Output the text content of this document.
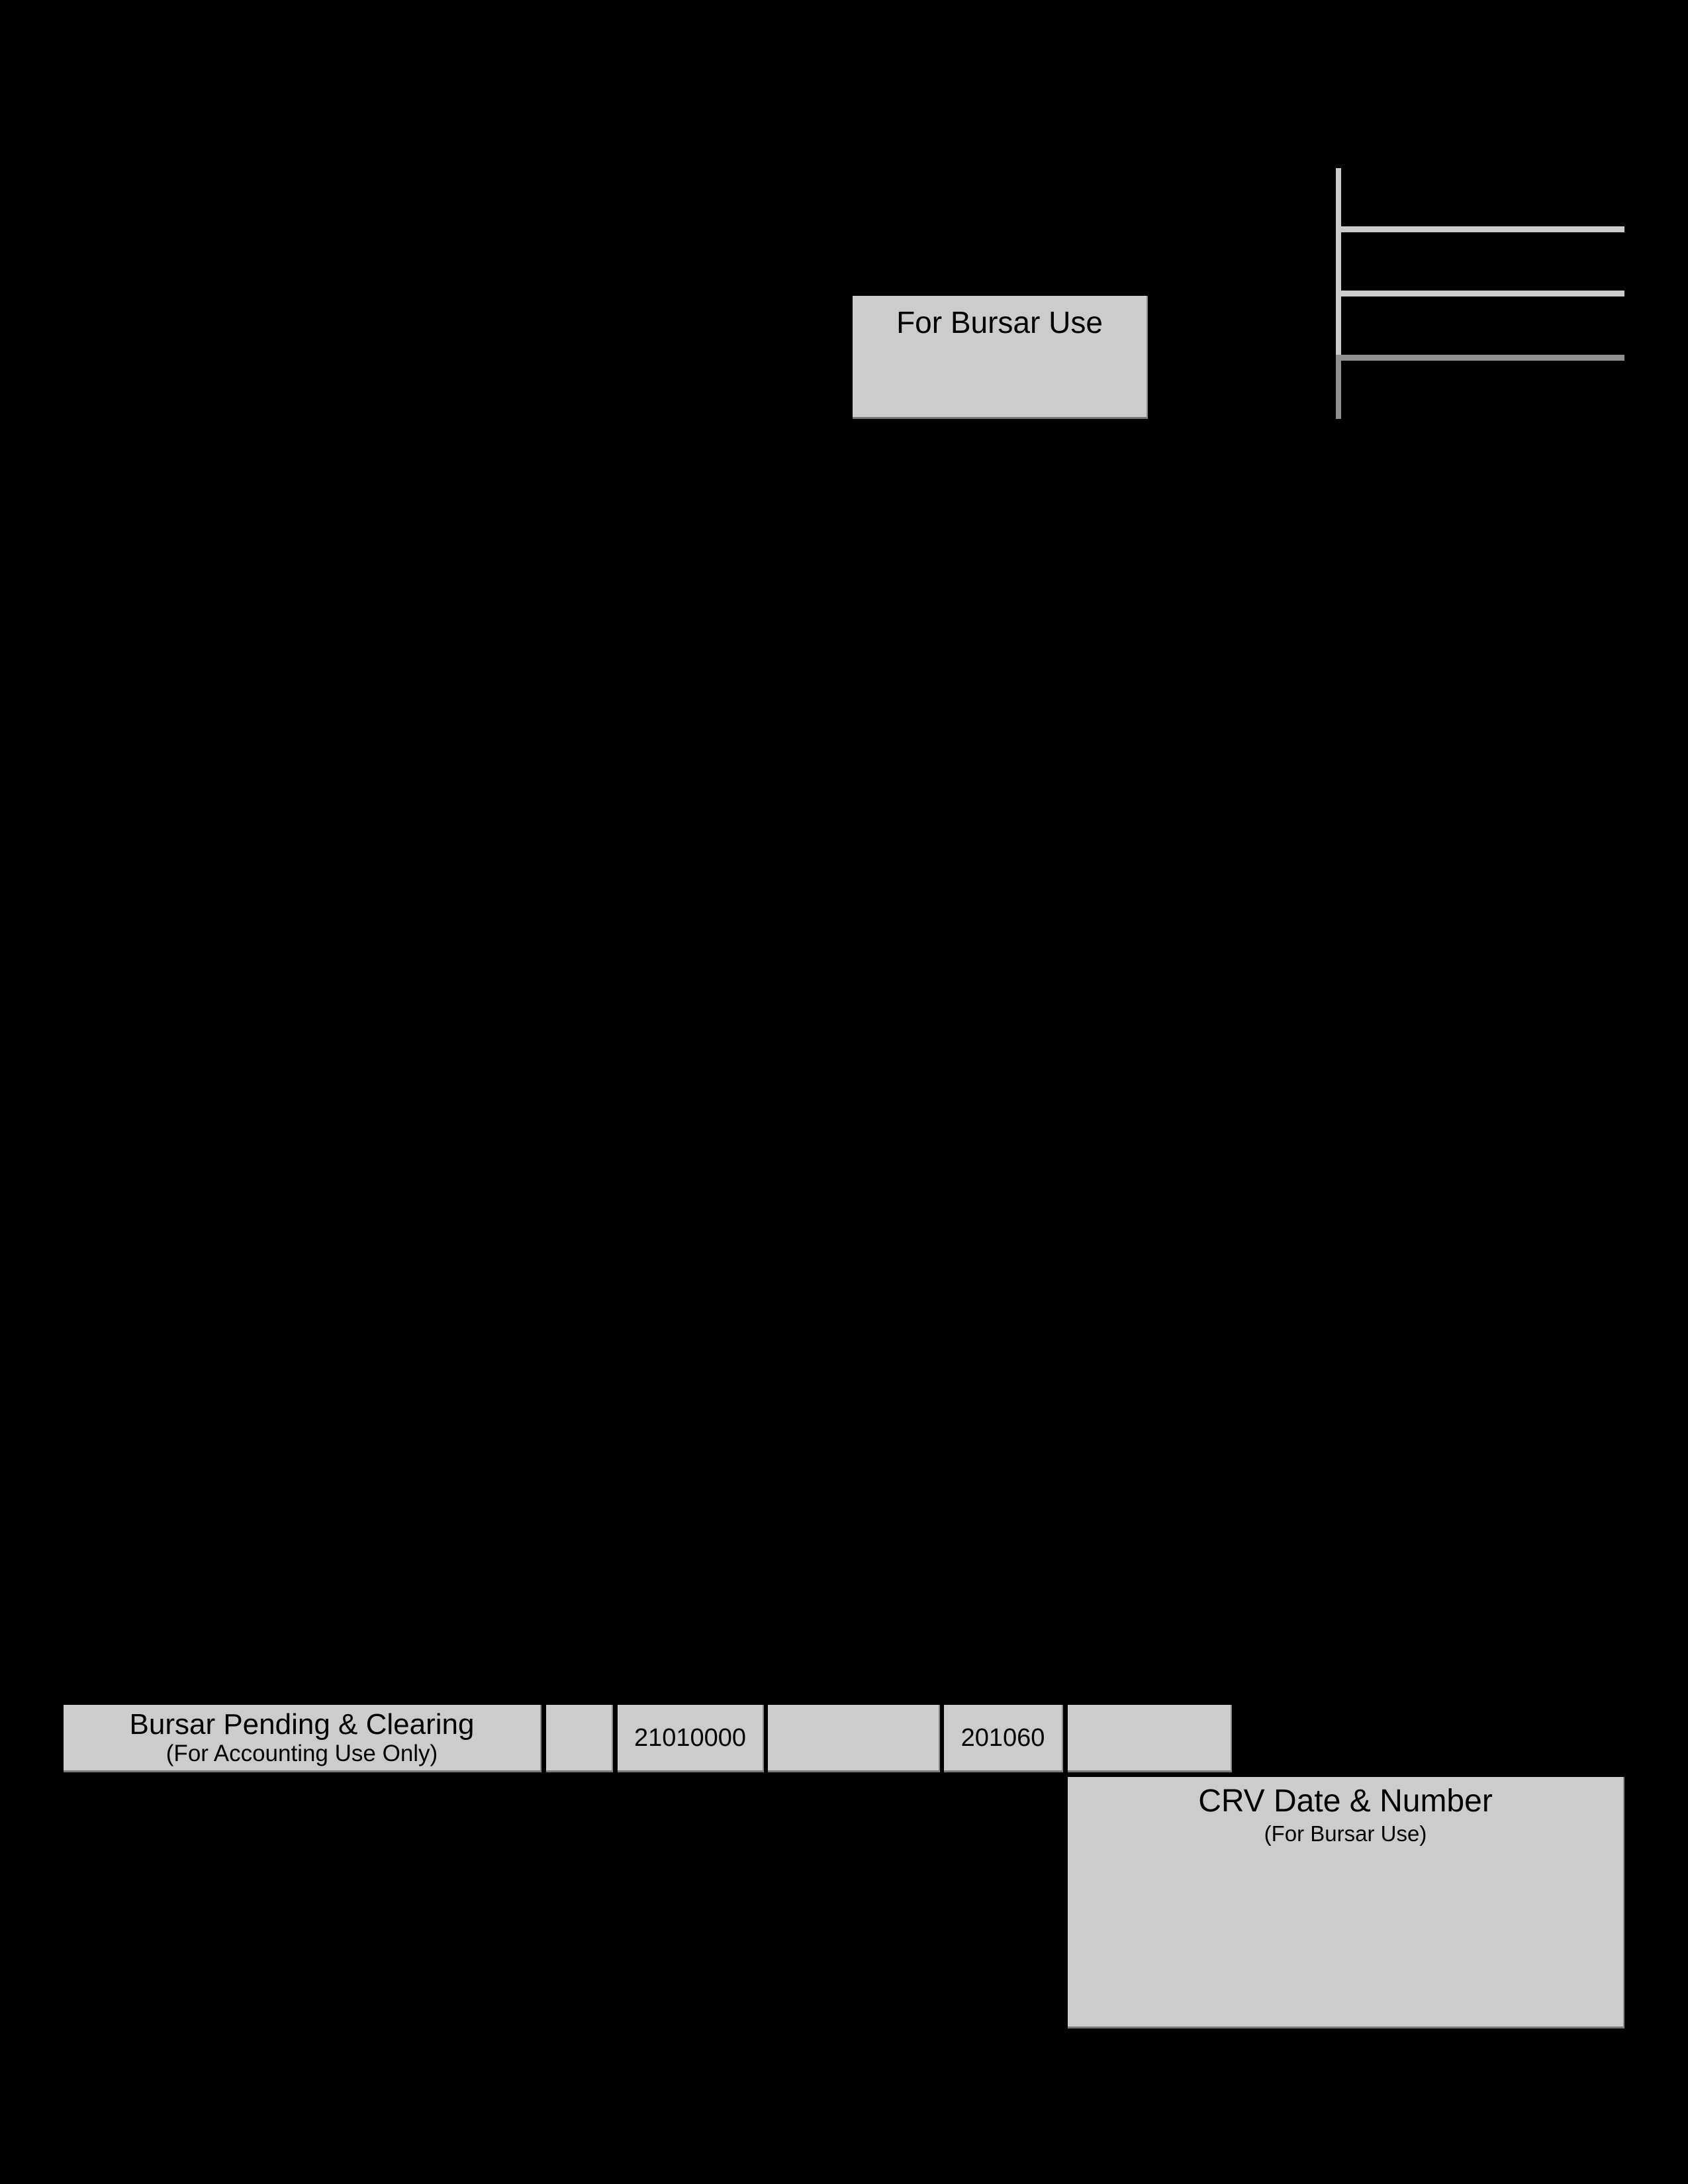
For Bursar Use
Bursar Pending & Clearing
(For Accounting Use Only)
21010000	201060
CRV Date & Number
(For Bursar Use)
